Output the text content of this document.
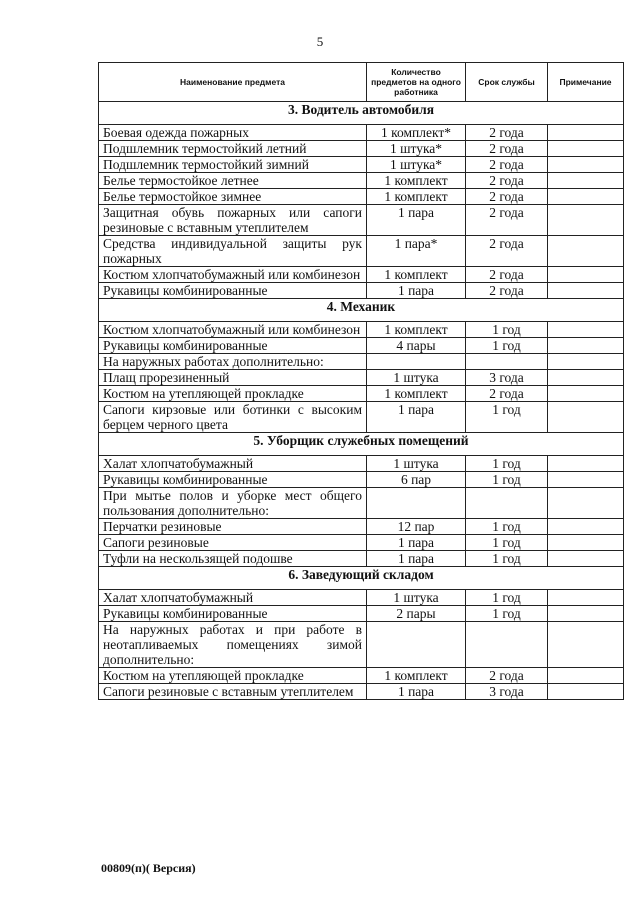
5
Наименование предмета	Количество предметов на одного работника	Срок службы	Примечание
3. Водитель автомобиля			
Боевая одежда пожарных	1 комплект*	2 года	
Подшлемник термостойкий летний	1 штука*	2 года	
Подшлемник термостойкий зимний	1 штука*	2 года	
Белье термостойкое летнее	1 комплект	2 года	
Белье термостойкое зимнее	1 комплект	2 года	
Защитная обувь пожарных или сапоги резиновые с вставным утеплителем	1 пара	2 года	
Средства индивидуальной защиты рук пожарных	1 пара*	2 года	
Костюм хлопчатобумажный или комбинезон	1 комплект	2 года	
Рукавицы комбинированные	1 пара	2 года	
4. Механик			
Костюм хлопчатобумажный или комбинезон	1 комплект	1 год	
Рукавицы комбинированные	4 пары	1 год	
На наружных работах дополнительно:			
Плащ прорезиненный	1 штука	3 года	
Костюм на утепляющей прокладке	1 комплект	2 года	
Сапоги кирзовые или ботинки с высоким берцем черного цвета	1 пара	1 год	
5. Уборщик служебных помещений			
Халат хлопчатобумажный	1 штука	1 год	
Рукавицы комбинированные	6 пар	1 год	
При мытье полов и уборке мест общего пользования дополнительно:			
Перчатки резиновые	12 пар	1 год	
Сапоги резиновые	1 пара	1 год	
Туфли на нескользящей подошве	1 пара	1 год	
6. Заведующий складом			
Халат хлопчатобумажный	1 штука	1 год	
Рукавицы комбинированные	2 пары	1 год	
На наружных работах и при работе в неотапливаемых помещениях зимой дополнительно:			
Костюм на утепляющей прокладке	1 комплект	2 года	
Сапоги резиновые с вставным утеплителем	1 пара	3 года	
00809(п)( Версия)
